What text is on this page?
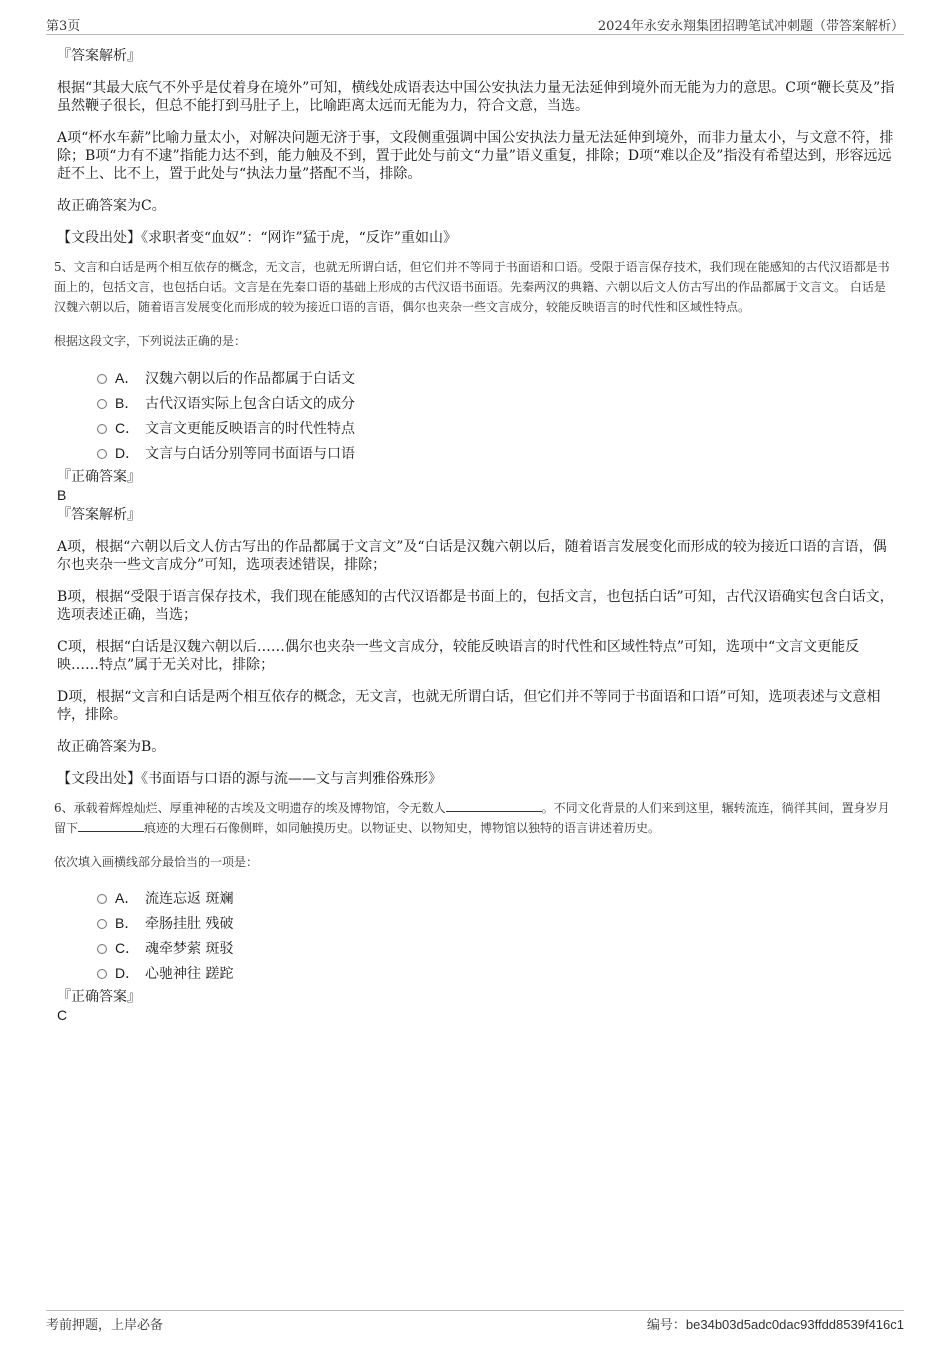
第3页	2024年永安永翔集团招聘笔试冲刺题（带答案解析）

『答案解析』

根据“其最大底气不外乎是仗着身在境外”可知，横线处成语表达中国公安执法力量无法延伸到境外而无能为力的意思。C项“鞭长莫及”指虽然鞭子很长，但总不能打到马肚子上，比喻距离太远而无能为力，符合文意，当选。

A项“杯水车薪”比喻力量太小，对解决问题无济于事，文段侧重强调中国公安执法力量无法延伸到境外，而非力量太小，与文意不符，排除；B项“力有不逮”指能力达不到，能力触及不到，置于此处与前文“力量”语义重复，排除；D项“难以企及”指没有希望达到，形容远远赶不上、比不上，置于此处与“执法力量”搭配不当，排除。

故正确答案为C。

【文段出处】《求职者变“血奴”：“网诈”猛于虎，“反诈”重如山》

5、文言和白话是两个相互依存的概念，无文言，也就无所谓白话，但它们并不等同于书面语和口语。受限于语言保存技术，我们现在能感知的古代汉语都是书面上的，包括文言，也包括白话。文言是在先秦口语的基础上形成的古代汉语书面语。先秦两汉的典籍、六朝以后文人仿古写出的作品都属于文言文。 白话是汉魏六朝以后，随着语言发展变化而形成的较为接近口语的言语，偶尔也夹杂一些文言成分，较能反映语言的时代性和区域性特点。

根据这段文字，下列说法正确的是：

A． 汉魏六朝以后的作品都属于白话文
B． 古代汉语实际上包含白话文的成分
C． 文言文更能反映语言的时代性特点
D． 文言与白话分别等同书面语与口语

『正确答案』

B

『答案解析』

A项，根据“六朝以后文人仿古写出的作品都属于文言文”及“白话是汉魏六朝以后，随着语言发展变化而形成的较为接近口语的言语，偶尔也夹杂一些文言成分”可知，选项表述错误，排除；

B项，根据“受限于语言保存技术，我们现在能感知的古代汉语都是书面上的，包括文言，也包括白话”可知，古代汉语确实包含白话文，选项表述正确，当选；

C项，根据“白话是汉魏六朝以后……偶尔也夹杂一些文言成分，较能反映语言的时代性和区域性特点”可知，选项中“文言文更能反映……特点”属于无关对比，排除；

D项，根据“文言和白话是两个相互依存的概念，无文言，也就无所谓白话，但它们并不等同于书面语和口语”可知，选项表述与文意相悖，排除。

故正确答案为B。

【文段出处】《书面语与口语的源与流——文与言判雅俗殊形》

6、承载着辉煌灿烂、厚重神秘的古埃及文明遗存的埃及博物馆，令无数人	。不同文化背景的人们来到这里，辗转流连，徜徉其间，置身岁月留下	痕迹的大理石石像侧畔，如同触摸历史。以物证史、以物知史，博物馆以独特的语言讲述着历史。

依次填入画横线部分最恰当的一项是：

A． 流连忘返 斑斓
B． 牵肠挂肚 残破
C． 魂牵梦萦 斑驳
D． 心驰神往 蹉跎

『正确答案』

C

考前押题，上岸必备	编号：be34b03d5adc0dac93ffdd8539f416c1
